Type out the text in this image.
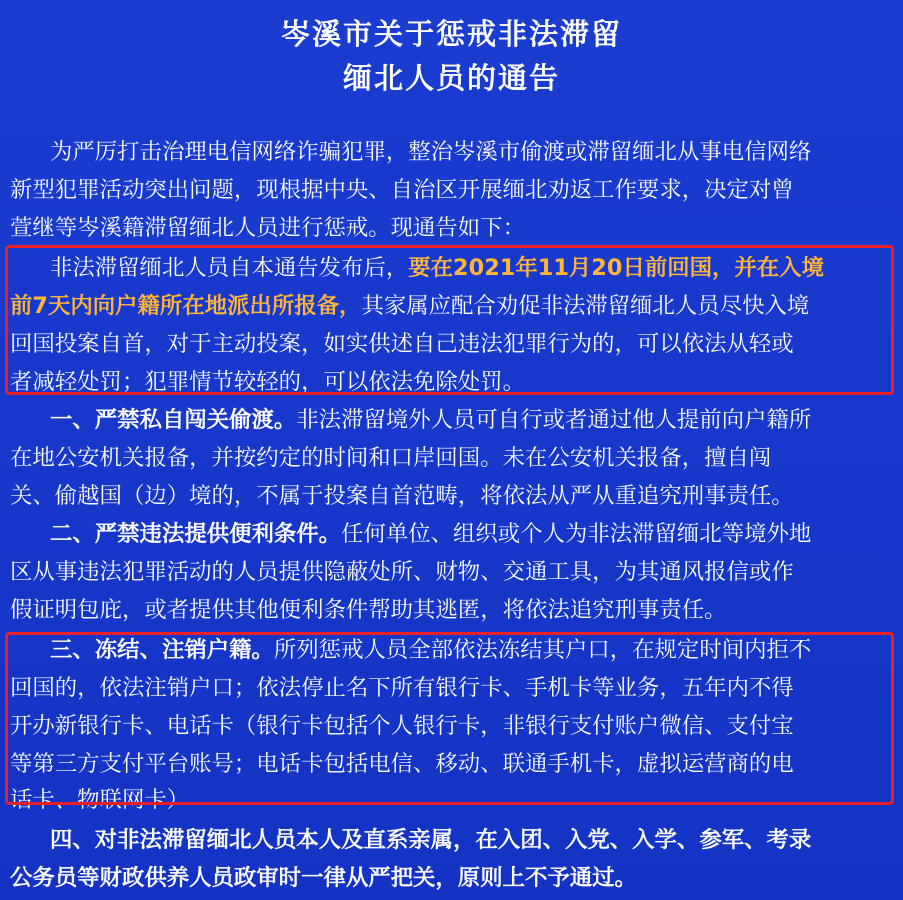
岑溪市关于惩戒非法滞留
缅北人员的通告
为严厉打击治理电信网络诈骗犯罪，整治岑溪市偷渡或滞留缅北从事电信网络
新型犯罪活动突出问题，现根据中央、自治区开展缅北劝返工作要求，决定对曾
萱继等岑溪籍滞留缅北人员进行惩戒。现通告如下：
非法滞留缅北人员自本通告发布后，要在2021年11月20日前回国，并在入境
前7天内向户籍所在地派出所报备，其家属应配合劝促非法滞留缅北人员尽快入境
回国投案自首，对于主动投案，如实供述自己违法犯罪行为的，可以依法从轻或
者减轻处罚；犯罪情节较轻的，可以依法免除处罚。
一、严禁私自闯关偷渡。非法滞留境外人员可自行或者通过他人提前向户籍所
在地公安机关报备，并按约定的时间和口岸回国。未在公安机关报备，擅自闯
关、偷越国（边）境的，不属于投案自首范畴，将依法从严从重追究刑事责任。
二、严禁违法提供便利条件。任何单位、组织或个人为非法滞留缅北等境外地
区从事违法犯罪活动的人员提供隐蔽处所、财物、交通工具，为其通风报信或作
假证明包庇，或者提供其他便利条件帮助其逃匿，将依法追究刑事责任。
三、冻结、注销户籍。所列惩戒人员全部依法冻结其户口，在规定时间内拒不
回国的，依法注销户口；依法停止名下所有银行卡、手机卡等业务，五年内不得
开办新银行卡、电话卡（银行卡包括个人银行卡，非银行支付账户微信、支付宝
等第三方支付平台账号；电话卡包括电信、移动、联通手机卡，虚拟运营商的电
话卡、物联网卡）
四、对非法滞留缅北人员本人及直系亲属，在入团、入党、入学、参军、考录
公务员等财政供养人员政审时一律从严把关，原则上不予通过。
